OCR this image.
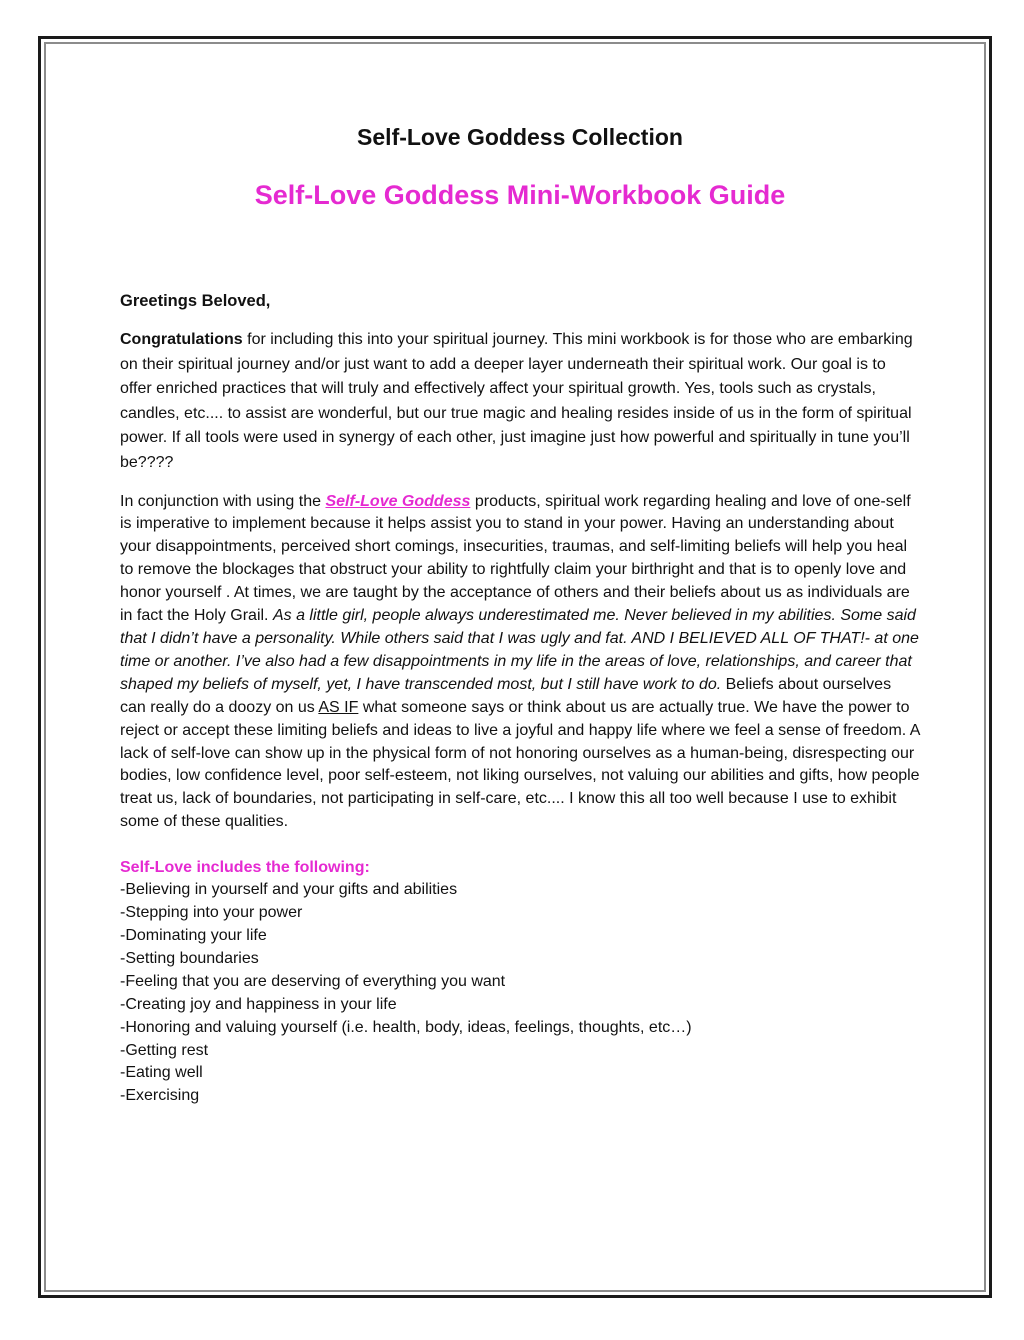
Self-Love Goddess Collection
Self-Love Goddess Mini-Workbook Guide
Greetings Beloved,

Congratulations for including this into your spiritual journey. This mini workbook is for those who are embarking on their spiritual journey and/or just want to add a deeper layer underneath their spiritual work. Our goal is to offer enriched practices that will truly and effectively affect your spiritual growth. Yes, tools such as crystals, candles, etc.... to assist are wonderful, but our true magic and healing resides inside of us in the form of spiritual power. If all tools were used in synergy of each other, just imagine just how powerful and spiritually in tune you’ll be????

In conjunction with using the Self-Love Goddess products, spiritual work regarding healing and love of one-self is imperative to implement because it helps assist you to stand in your power. Having an understanding about your disappointments, perceived short comings, insecurities, traumas, and self-limiting beliefs will help you heal to remove the blockages that obstruct your ability to rightfully claim your birthright and that is to openly love and honor yourself . At times, we are taught by the acceptance of others and their beliefs about us as individuals are in fact the Holy Grail. As a little girl, people always underestimated me. Never believed in my abilities. Some said that I didn’t have a personality. While others said that I was ugly and fat. AND I BELIEVED ALL OF THAT!- at one time or another. I’ve also had a few disappointments in my life in the areas of love, relationships, and career that shaped my beliefs of myself, yet, I have transcended most, but I still have work to do. Beliefs about ourselves can really do a doozy on us AS IF what someone says or think about us are actually true. We have the power to reject or accept these limiting beliefs and ideas to live a joyful and happy life where we feel a sense of freedom. A lack of self-love can show up in the physical form of not honoring ourselves as a human-being, disrespecting our bodies, low confidence level, poor self-esteem, not liking ourselves, not valuing our abilities and gifts, how people treat us, lack of boundaries, not participating in self-care, etc.... I know this all too well because I use to exhibit some of these qualities.

Self-Love includes the following:
-Believing in yourself and your gifts and abilities
-Stepping into your power
-Dominating your life
-Setting boundaries
-Feeling that you are deserving of everything you want
-Creating joy and happiness in your life
-Honoring and valuing yourself (i.e. health, body, ideas, feelings, thoughts, etc…)
-Getting rest
-Eating well
-Exercising
